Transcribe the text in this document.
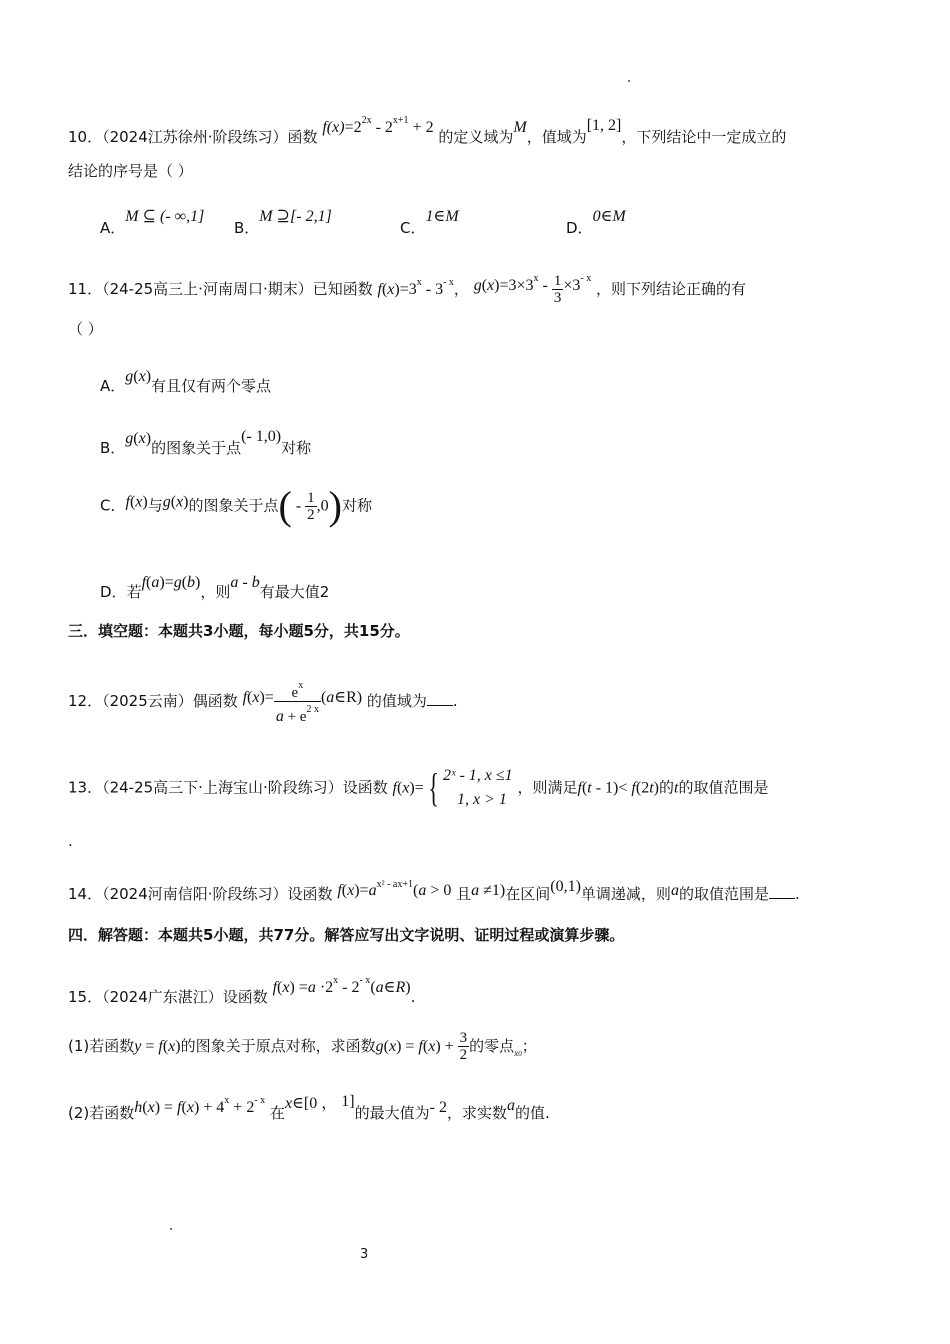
10．（2024江苏徐州·阶段练习）函数 $f(x)=2^{2x} - 2^{x+1} + 2$ 的定义域为M，值域为[1, 2]，下列结论中一定成立的
结论的序号是（ ）
A．M ⊆ (- ∞,1]
B．M ⊇[- 2,1]
C．1∈M
D．0∈M
11．（24-25高三上·河南周口·期末）已知函数 $f(x)=3^x - 3^{- x}$， $g(x)=3\times 3^x - \frac{1}{3} \times 3^{- x}$ ，则下列结论正确的有
（ ）
A．g(x)有且仅有两个零点
B．g(x)的图象关于点(- 1,0)对称
C．f(x)与g(x)的图象关于点( - $\frac{1}{2} ,0$)对称
D．若f(a)=g(b)，则a - b有最大值2
三．填空题：本题共3小题，每小题5分，共15分。
12．（2025云南）偶函数 $f(x)= \frac{e^x}{a + e^{2 x}}$ (a∈R) 的值域为 .
13．（24-25高三下·上海宝山·阶段练习）设函数 f(x)= { 2ˣ - 1, x ≤1
1, x > 1
，则满足f(t - 1)< f(2t)的t的取值范围是
.
14．（2024河南信阳·阶段练习）设函数 $f(x)=a^{x^2 - ax+1}(a > 0$ 且a ≠1)在区间(0,1)单调递减，则a的取值范围是 .
四．解答题：本题共5小题，共77分。解答应写出文字说明、证明过程或演算步骤。
15．（2024广东湛江）设函数 $f(x) =a \cdot 2^x$ - $2^{- x}(a\in R)$.
(1)若函数y = f(x)的图象关于原点对称，求函数$g(x) = f(x) + \frac{3}{2}$ 的零点$_{x0}$；
(2)若函数$h(x) = f(x) + 4^x + 2^{- x}$ 在x∈[0 ， 1]的最大值为- 2，求实数a的值.
3
